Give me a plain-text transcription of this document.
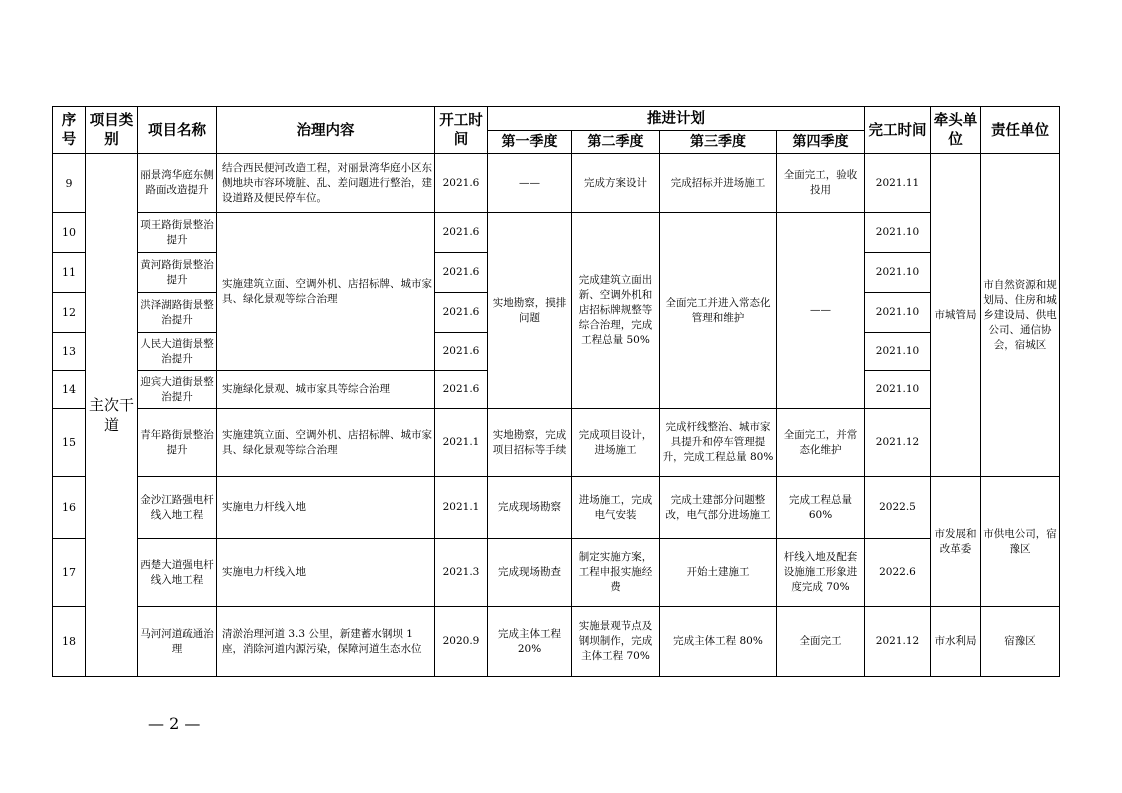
序号	项目类别	项目名称	治理内容	开工时间	推进计划				完工时间	牵头单位	责任单位
					第一季度	第二季度	第三季度	第四季度			
9	主次干道	丽景湾华庭东侧路面改造提升	结合西民便河改造工程，对丽景湾华庭小区东侧地块市容环境脏、乱、差问题进行整治，建设道路及便民停车位。	2021.6	——	完成方案设计	完成招标并进场施工	全面完工，验收投用	2021.11	市城管局	市自然资源和规划局、住房和城乡建设局、供电公司、通信协会，宿城区
10		项王路街景整治提升	实施建筑立面、空调外机、店招标牌、城市家具、绿化景观等综合治理	2021.6	实地勘察，摸排问题	完成建筑立面出新、空调外机和店招标牌规整等综合治理，完成工程总量 50%	全面完工并进入常态化管理和维护	——	2021.10		
11		黄河路街景整治提升		2021.6					2021.10		
12		洪泽湖路街景整治提升		2021.6					2021.10		
13		人民大道街景整治提升		2021.6					2021.10		
14		迎宾大道街景整治提升	实施绿化景观、城市家具等综合治理	2021.6					2021.10		
15		青年路街景整治提升	实施建筑立面、空调外机、店招标牌、城市家具、绿化景观等综合治理	2021.1	实地勘察，完成项目招标等手续	完成项目设计，进场施工	完成杆线整治、城市家具提升和停车管理提升，完成工程总量 80%	全面完工，并常态化维护	2021.12		
16		金沙江路强电杆线入地工程	实施电力杆线入地	2021.1	完成现场勘察	进场施工，完成电气安装	完成土建部分问题整改，电气部分进场施工	完成工程总量 60%	2022.5	市发展和改革委	市供电公司，宿豫区
17		西楚大道强电杆线入地工程	实施电力杆线入地	2021.3	完成现场勘查	制定实施方案，工程申报实施经费	开始土建施工	杆线入地及配套设施施工形象进度完成 70%	2022.6		
18		马河河道疏通治理	清淤治理河道 3.3 公里，新建蓄水钢坝 1 座，消除河道内源污染，保障河道生态水位	2020.9	完成主体工程 20%	实施景观节点及钢坝制作，完成主体工程 70%	完成主体工程 80%	全面完工	2021.12	市水利局	宿豫区
— 2 —
